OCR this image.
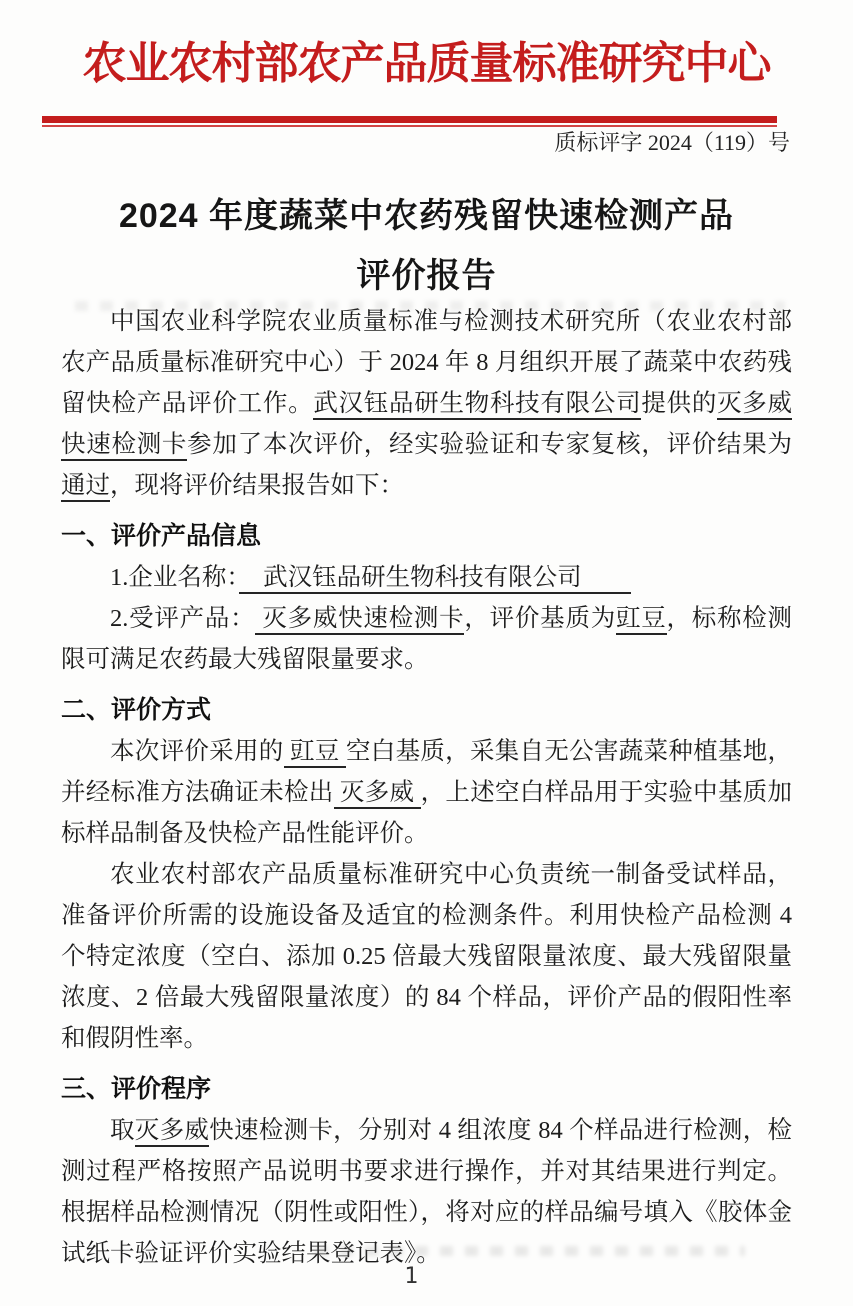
农业农村部农产品质量标准研究中心
质标评字 2024（119）号
2024 年度蔬菜中农药残留快速检测产品
评价报告

中国农业科学院农业质量标准与检测技术研究所（农业农村部农产品质量标准研究中心）于 2024 年 8 月组织开展了蔬菜中农药残留快检产品评价工作。武汉钰品研生物科技有限公司提供的灭多威快速检测卡参加了本次评价，经实验验证和专家复核，评价结果为通过，现将评价结果报告如下：

一、评价产品信息

1.企业名称：　武汉钰品研生物科技有限公司　　

2.受评产品： 灭多威快速检测卡，评价基质为豇豆，标称检测限可满足农药最大残留限量要求。

二、评价方式

本次评价采用的 豇豆 空白基质，采集自无公害蔬菜种植基地，并经标准方法确证未检出 灭多威 ，上述空白样品用于实验中基质加标样品制备及快检产品性能评价。

农业农村部农产品质量标准研究中心负责统一制备受试样品，准备评价所需的设施设备及适宜的检测条件。利用快检产品检测 4 个特定浓度（空白、添加 0.25 倍最大残留限量浓度、最大残留限量浓度、2 倍最大残留限量浓度）的 84 个样品，评价产品的假阳性率和假阴性率。

三、评价程序

取灭多威快速检测卡，分别对 4 组浓度 84 个样品进行检测，检测过程严格按照产品说明书要求进行操作，并对其结果进行判定。根据样品检测情况（阴性或阳性），将对应的样品编号填入《胶体金试纸卡验证评价实验结果登记表》。

1
